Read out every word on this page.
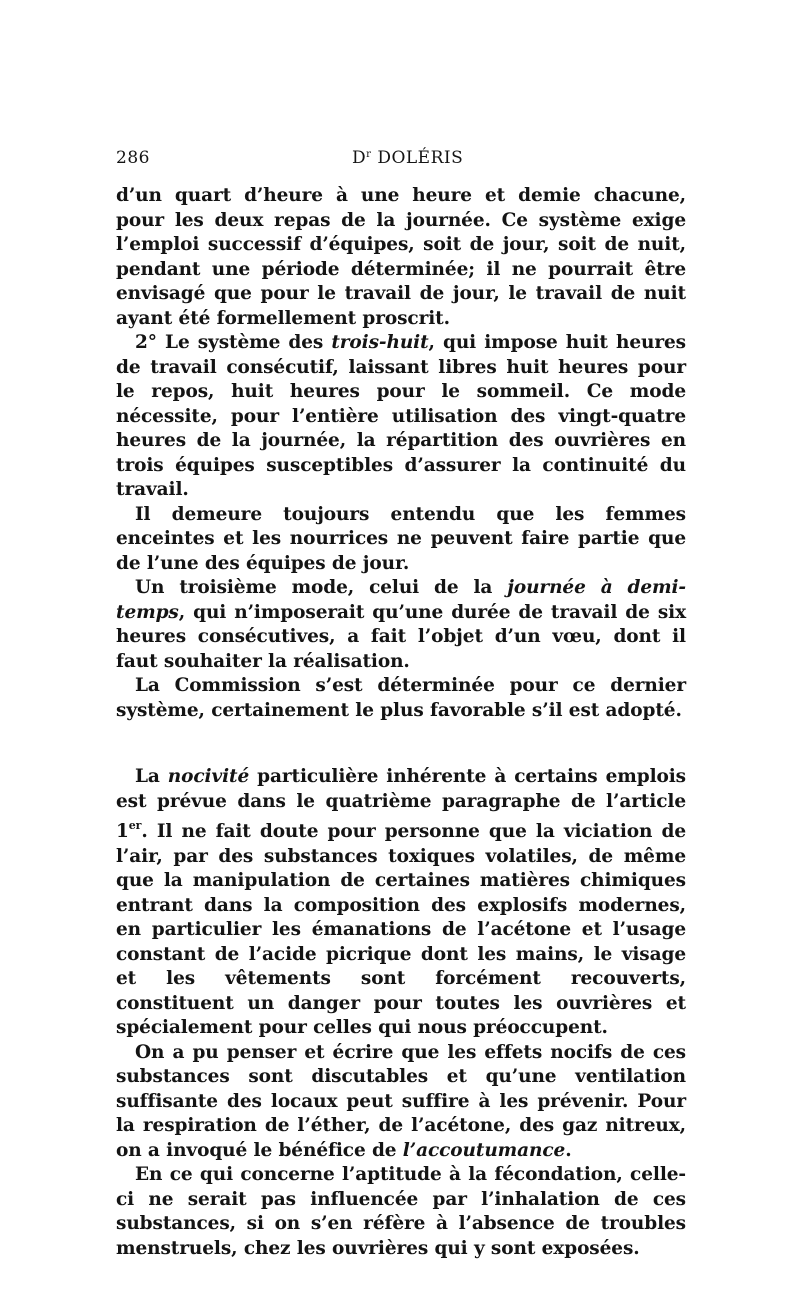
286	$D^r$ DOLÉRIS

d’un quart d’heure à une heure et demie chacune, pour les deux repas de la journée. Ce système exige l’emploi successif d’équipes, soit de jour, soit de nuit, pendant une période déterminée; il ne pourrait être envisagé que pour le travail de jour, le travail de nuit ayant été formellement proscrit.

2° Le système des trois-huit, qui impose huit heures de travail consécutif, laissant libres huit heures pour le repos, huit heures pour le sommeil. Ce mode nécessite, pour l’entière utilisation des vingt-quatre heures de la journée, la répartition des ouvrières en trois équipes susceptibles d’assurer la continuité du travail.

Il demeure toujours entendu que les femmes enceintes et les nourrices ne peuvent faire partie que de l’une des équipes de jour.

Un troisième mode, celui de la journée à demi-temps, qui n’imposerait qu’une durée de travail de six heures consécutives, a fait l’objet d’un vœu, dont il faut souhaiter la réalisation.

La Commission s’est déterminée pour ce dernier système, certainement le plus favorable s’il est adopté.

La nocivité particulière inhérente à certains emplois est prévue dans le quatrième paragraphe de l’article 1er. Il ne fait doute pour personne que la viciation de l’air, par des substances toxiques volatiles, de même que la manipulation de certaines matières chimiques entrant dans la composition des explosifs modernes, en particulier les émanations de l’acétone et l’usage constant de l’acide picrique dont les mains, le visage et les vêtements sont forcément recouverts, constituent un danger pour toutes les ouvrières et spécialement pour celles qui nous préoccupent.

On a pu penser et écrire que les effets nocifs de ces substances sont discutables et qu’une ventilation suffisante des locaux peut suffire à les prévenir. Pour la respiration de l’éther, de l’acétone, des gaz nitreux, on a invoqué le bénéfice de l’accoutumance.

En ce qui concerne l’aptitude à la fécondation, celle-ci ne serait pas influencée par l’inhalation de ces substances, si on s’en réfère à l’absence de troubles menstruels, chez les ouvrières qui y sont exposées.
